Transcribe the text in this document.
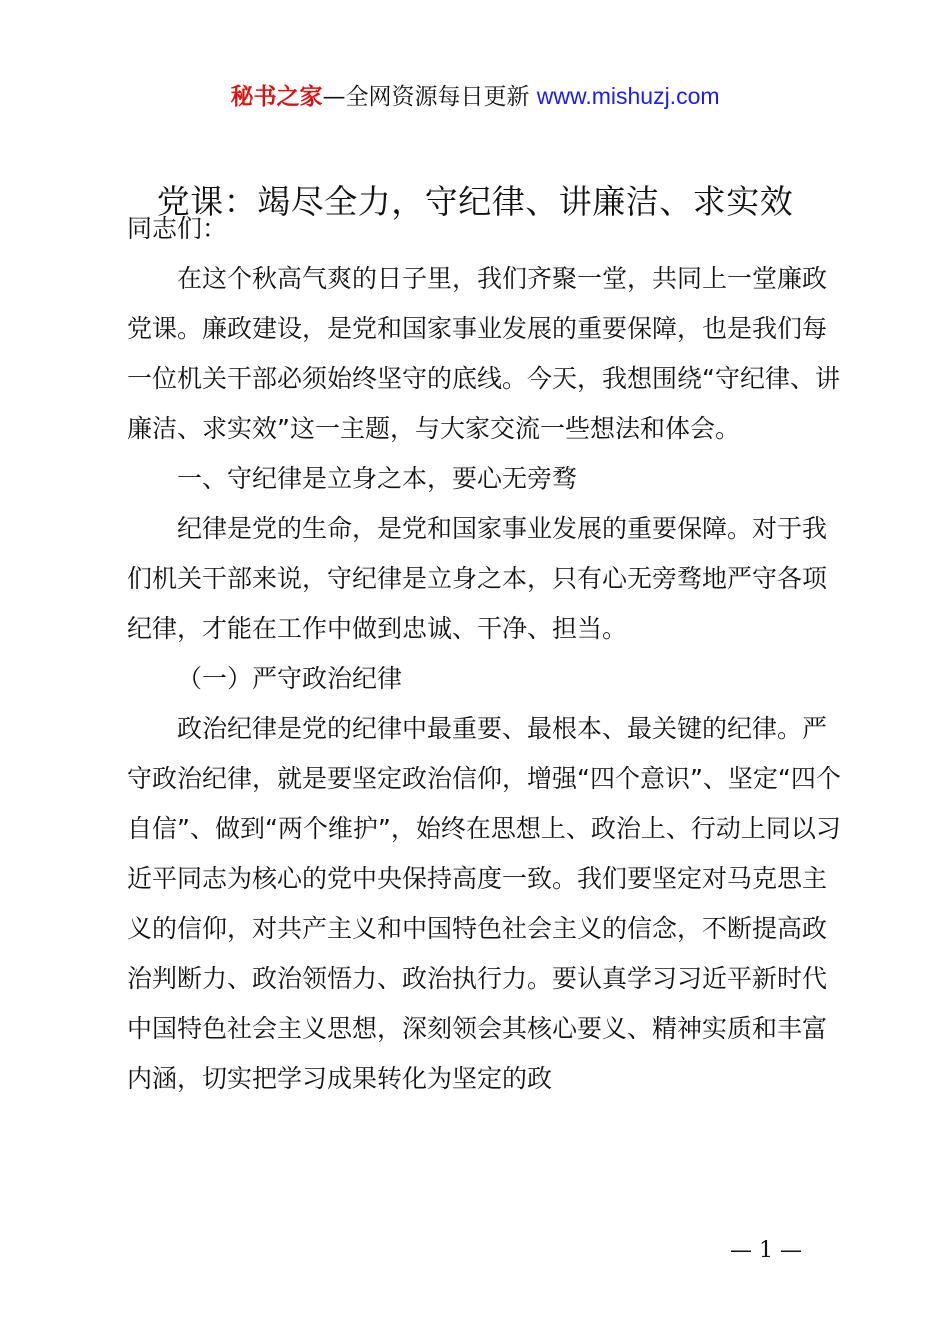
秘书之家—全网资源每日更新 www.mishuzj.com
党课：竭尽全力，守纪律、讲廉洁、求实效

同志们：

在这个秋高气爽的日子里，我们齐聚一堂，共同上一堂廉政党课。廉政建设，是党和国家事业发展的重要保障，也是我们每一位机关干部必须始终坚守的底线。今天，我想围绕“守纪律、讲廉洁、求实效”这一主题，与大家交流一些想法和体会。

一、守纪律是立身之本，要心无旁骛

纪律是党的生命，是党和国家事业发展的重要保障。对于我们机关干部来说，守纪律是立身之本，只有心无旁骛地严守各项纪律，才能在工作中做到忠诚、干净、担当。

（一）严守政治纪律

政治纪律是党的纪律中最重要、最根本、最关键的纪律。严守政治纪律，就是要坚定政治信仰，增强“四个意识”、坚定“四个自信”、做到“两个维护”，始终在思想上、政治上、行动上同以习近平同志为核心的党中央保持高度一致。我们要坚定对马克思主义的信仰，对共产主义和中国特色社会主义的信念，不断提高政治判断力、政治领悟力、政治执行力。要认真学习习近平新时代中国特色社会主义思想，深刻领会其核心要义、精神实质和丰富内涵，切实把学习成果转化为坚定的政

— 1 —
